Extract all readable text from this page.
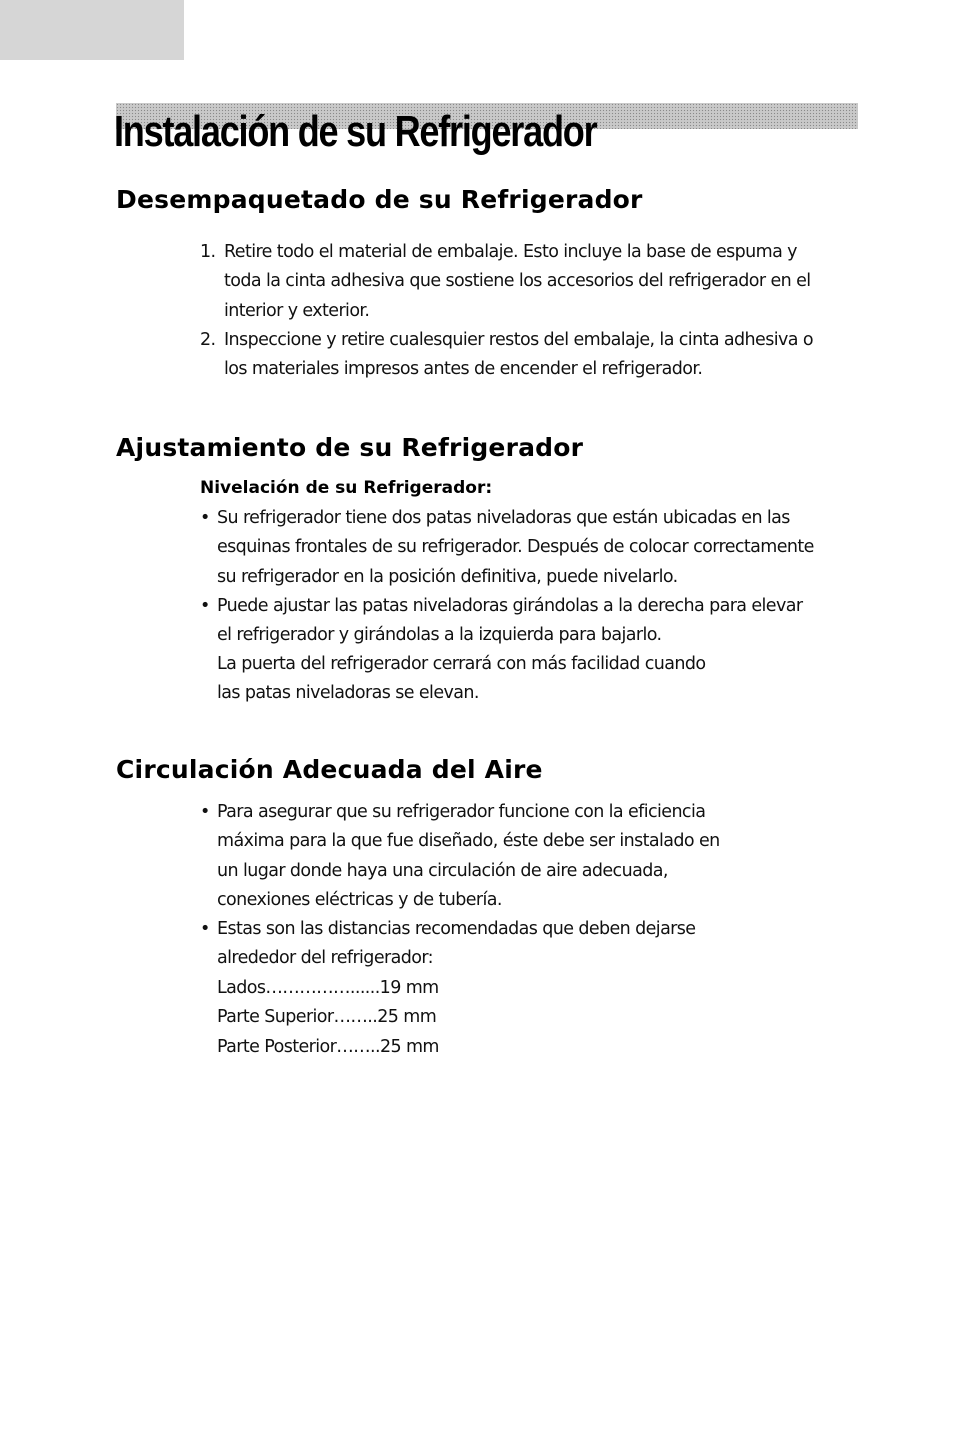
Instalación de su Refrigerador
Desempaquetado de su Refrigerador
1. Retire todo el material de embalaje. Esto incluye la base de espuma y

toda la cinta adhesiva que sostiene los accesorios del refrigerador en el

interior y exterior.

2. Inspeccione y retire cualesquier restos del embalaje, la cinta adhesiva o

los materiales impresos antes de encender el refrigerador.

Ajustamiento de su Refrigerador
Nivelación de su Refrigerador:
• Su refrigerador tiene dos patas niveladoras que están ubicadas en las

esquinas frontales de su refrigerador. Después de colocar correctamente

su refrigerador en la posición definitiva, puede nivelarlo.

• Puede ajustar las patas niveladoras girándolas a la derecha para elevar

el refrigerador y girándolas a la izquierda para bajarlo.

La puerta del refrigerador cerrará con más facilidad cuando

las patas niveladoras se elevan.

Circulación Adecuada del Aire
• Para asegurar que su refrigerador funcione con la eficiencia

máxima para la que fue diseñado, éste debe ser instalado en

un lugar donde haya una circulación de aire adecuada,

conexiones eléctricas y de tubería.

• Estas son las distancias recomendadas que deben dejarse

alrededor del refrigerador:

Lados……………......19 mm

Parte Superior……..25 mm

Parte Posterior……..25 mm
